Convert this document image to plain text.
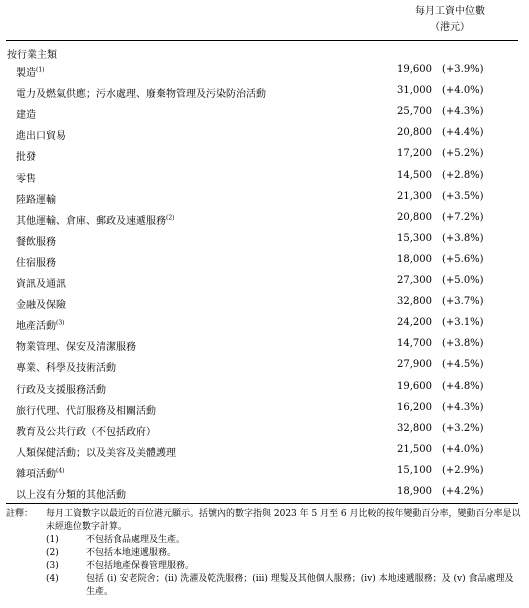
每月工資中位數
（港元）
按行業主類
製造$^{(1)}$	19,600 (+3.9%)
電力及燃氣供應；污水處理、廢棄物管理及污染防治活動	31,000 (+4.0%)
建造	25,700 (+4.3%)
進出口貿易	20,800 (+4.4%)
批發	17,200 (+5.2%)
零售	14,500 (+2.8%)
陸路運輸	21,300 (+3.5%)
其他運輸、倉庫、郵政及速遞服務$^{(2)}$	20,800 (+7.2%)
餐飲服務	15,300 (+3.8%)
住宿服務	18,000 (+5.6%)
資訊及通訊	27,300 (+5.0%)
金融及保險	32,800 (+3.7%)
地產活動$^{(3)}$	24,200 (+3.1%)
物業管理、保安及清潔服務	14,700 (+3.8%)
專業、科學及技術活動	27,900 (+4.5%)
行政及支援服務活動	19,600 (+4.8%)
旅行代理、代訂服務及相關活動	16,200 (+4.3%)
教育及公共行政（不包括政府）	32,800 (+3.2%)
人類保健活動；以及美容及美體護理	21,500 (+4.0%)
雜項活動$^{(4)}$	15,100 (+2.9%)
以上沒有分類的其他活動	18,900 (+4.2%)
註釋： 每月工資數字以最近的百位港元顯示。括號內的數字指與 2023 年 5 月至 6 月比較的按年變動百分率，變動百分率是以未經進位數字計算。
(1)	不包括食品處理及生產。
(2)	不包括本地速遞服務。
(3)	不包括地產保養管理服務。
(4)	包括 (i) 安老院舍；(ii) 洗濯及乾洗服務；(iii) 理髮及其他個人服務；(iv) 本地速遞服務；及 (v) 食品處理及生產。
